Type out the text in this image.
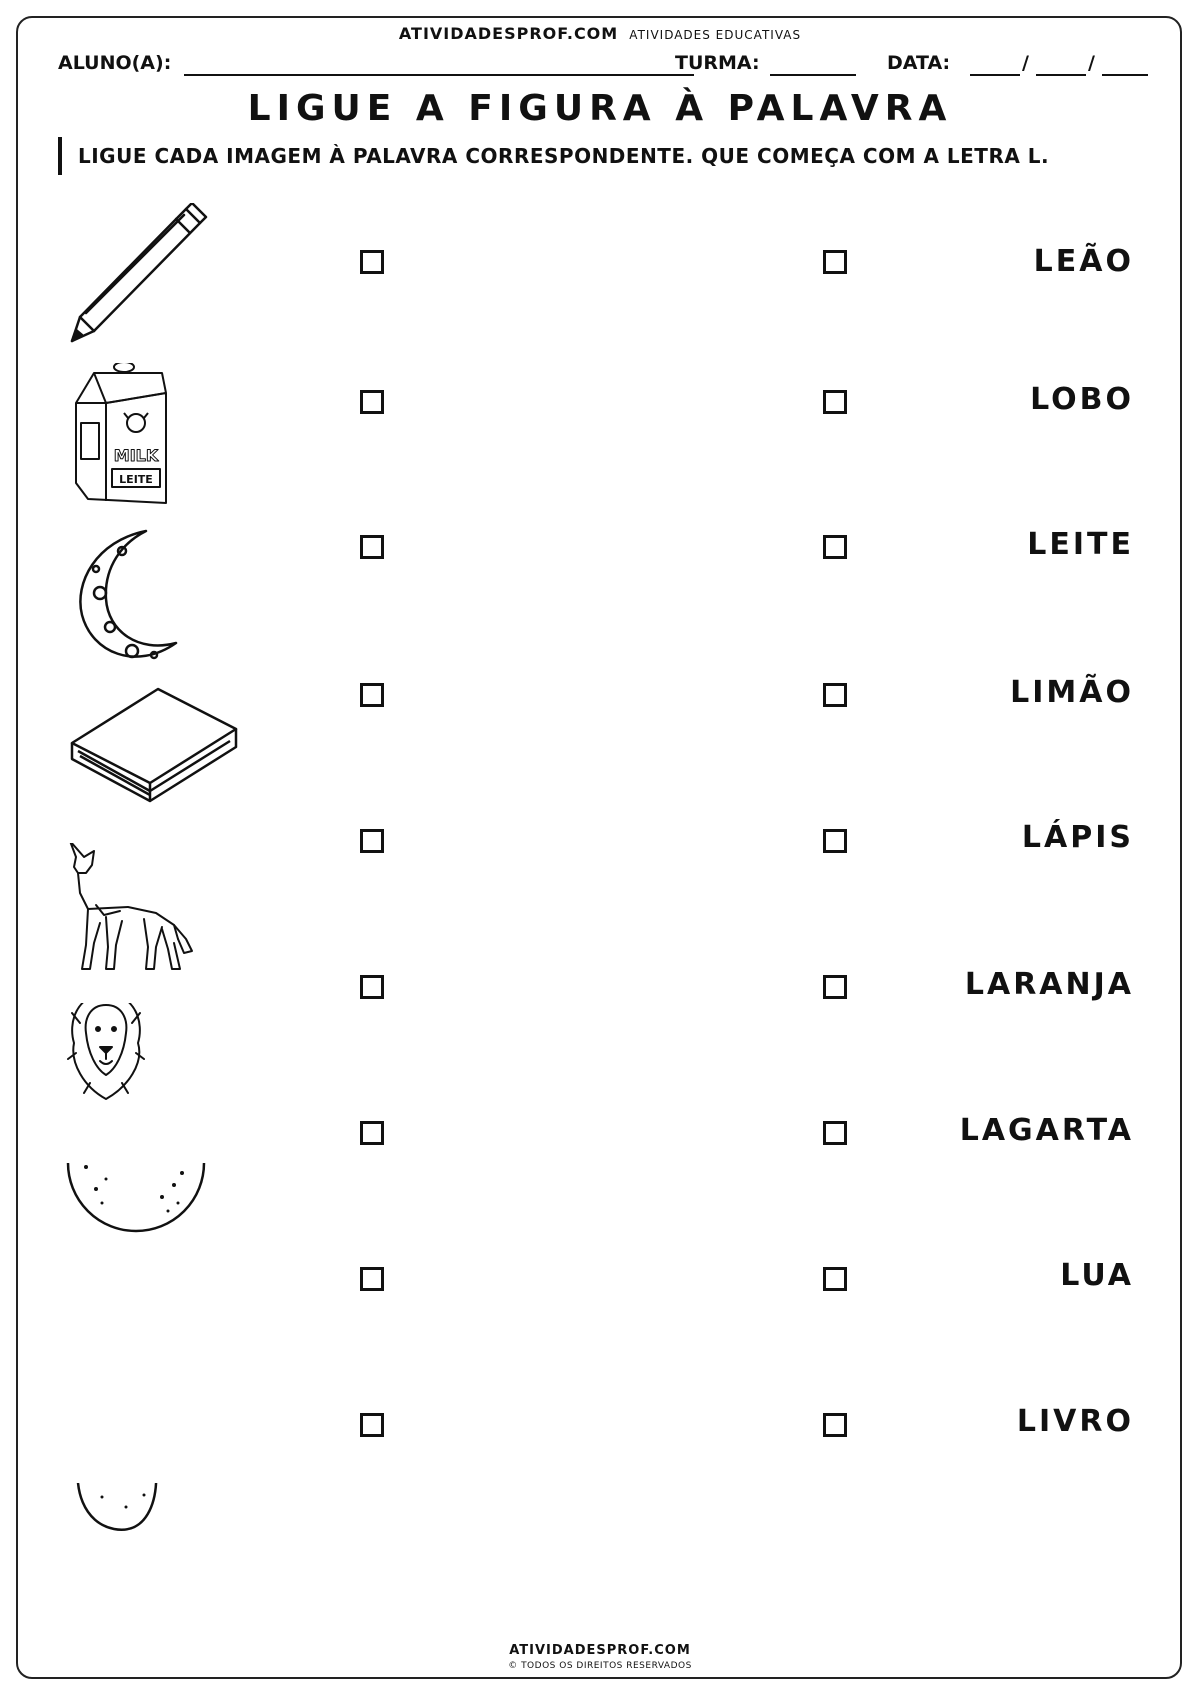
ATIVIDADESPROF.COM ATIVIDADES EDUCATIVAS
ALUNO(A):	TURMA:	DATA:	/	/
LIGUE A FIGURA À PALAVRA
LIGUE CADA IMAGEM À PALAVRA CORRESPONDENTE. QUE COMEÇA COM A LETRA L.
LEÃO
MILK
LEITE
LOBO
LEITE
LIMÃO
LÁPIS
LARANJA
LAGARTA
LUA
LIVRO
ATIVIDADESPROF.COM
© TODOS OS DIREITOS RESERVADOS
